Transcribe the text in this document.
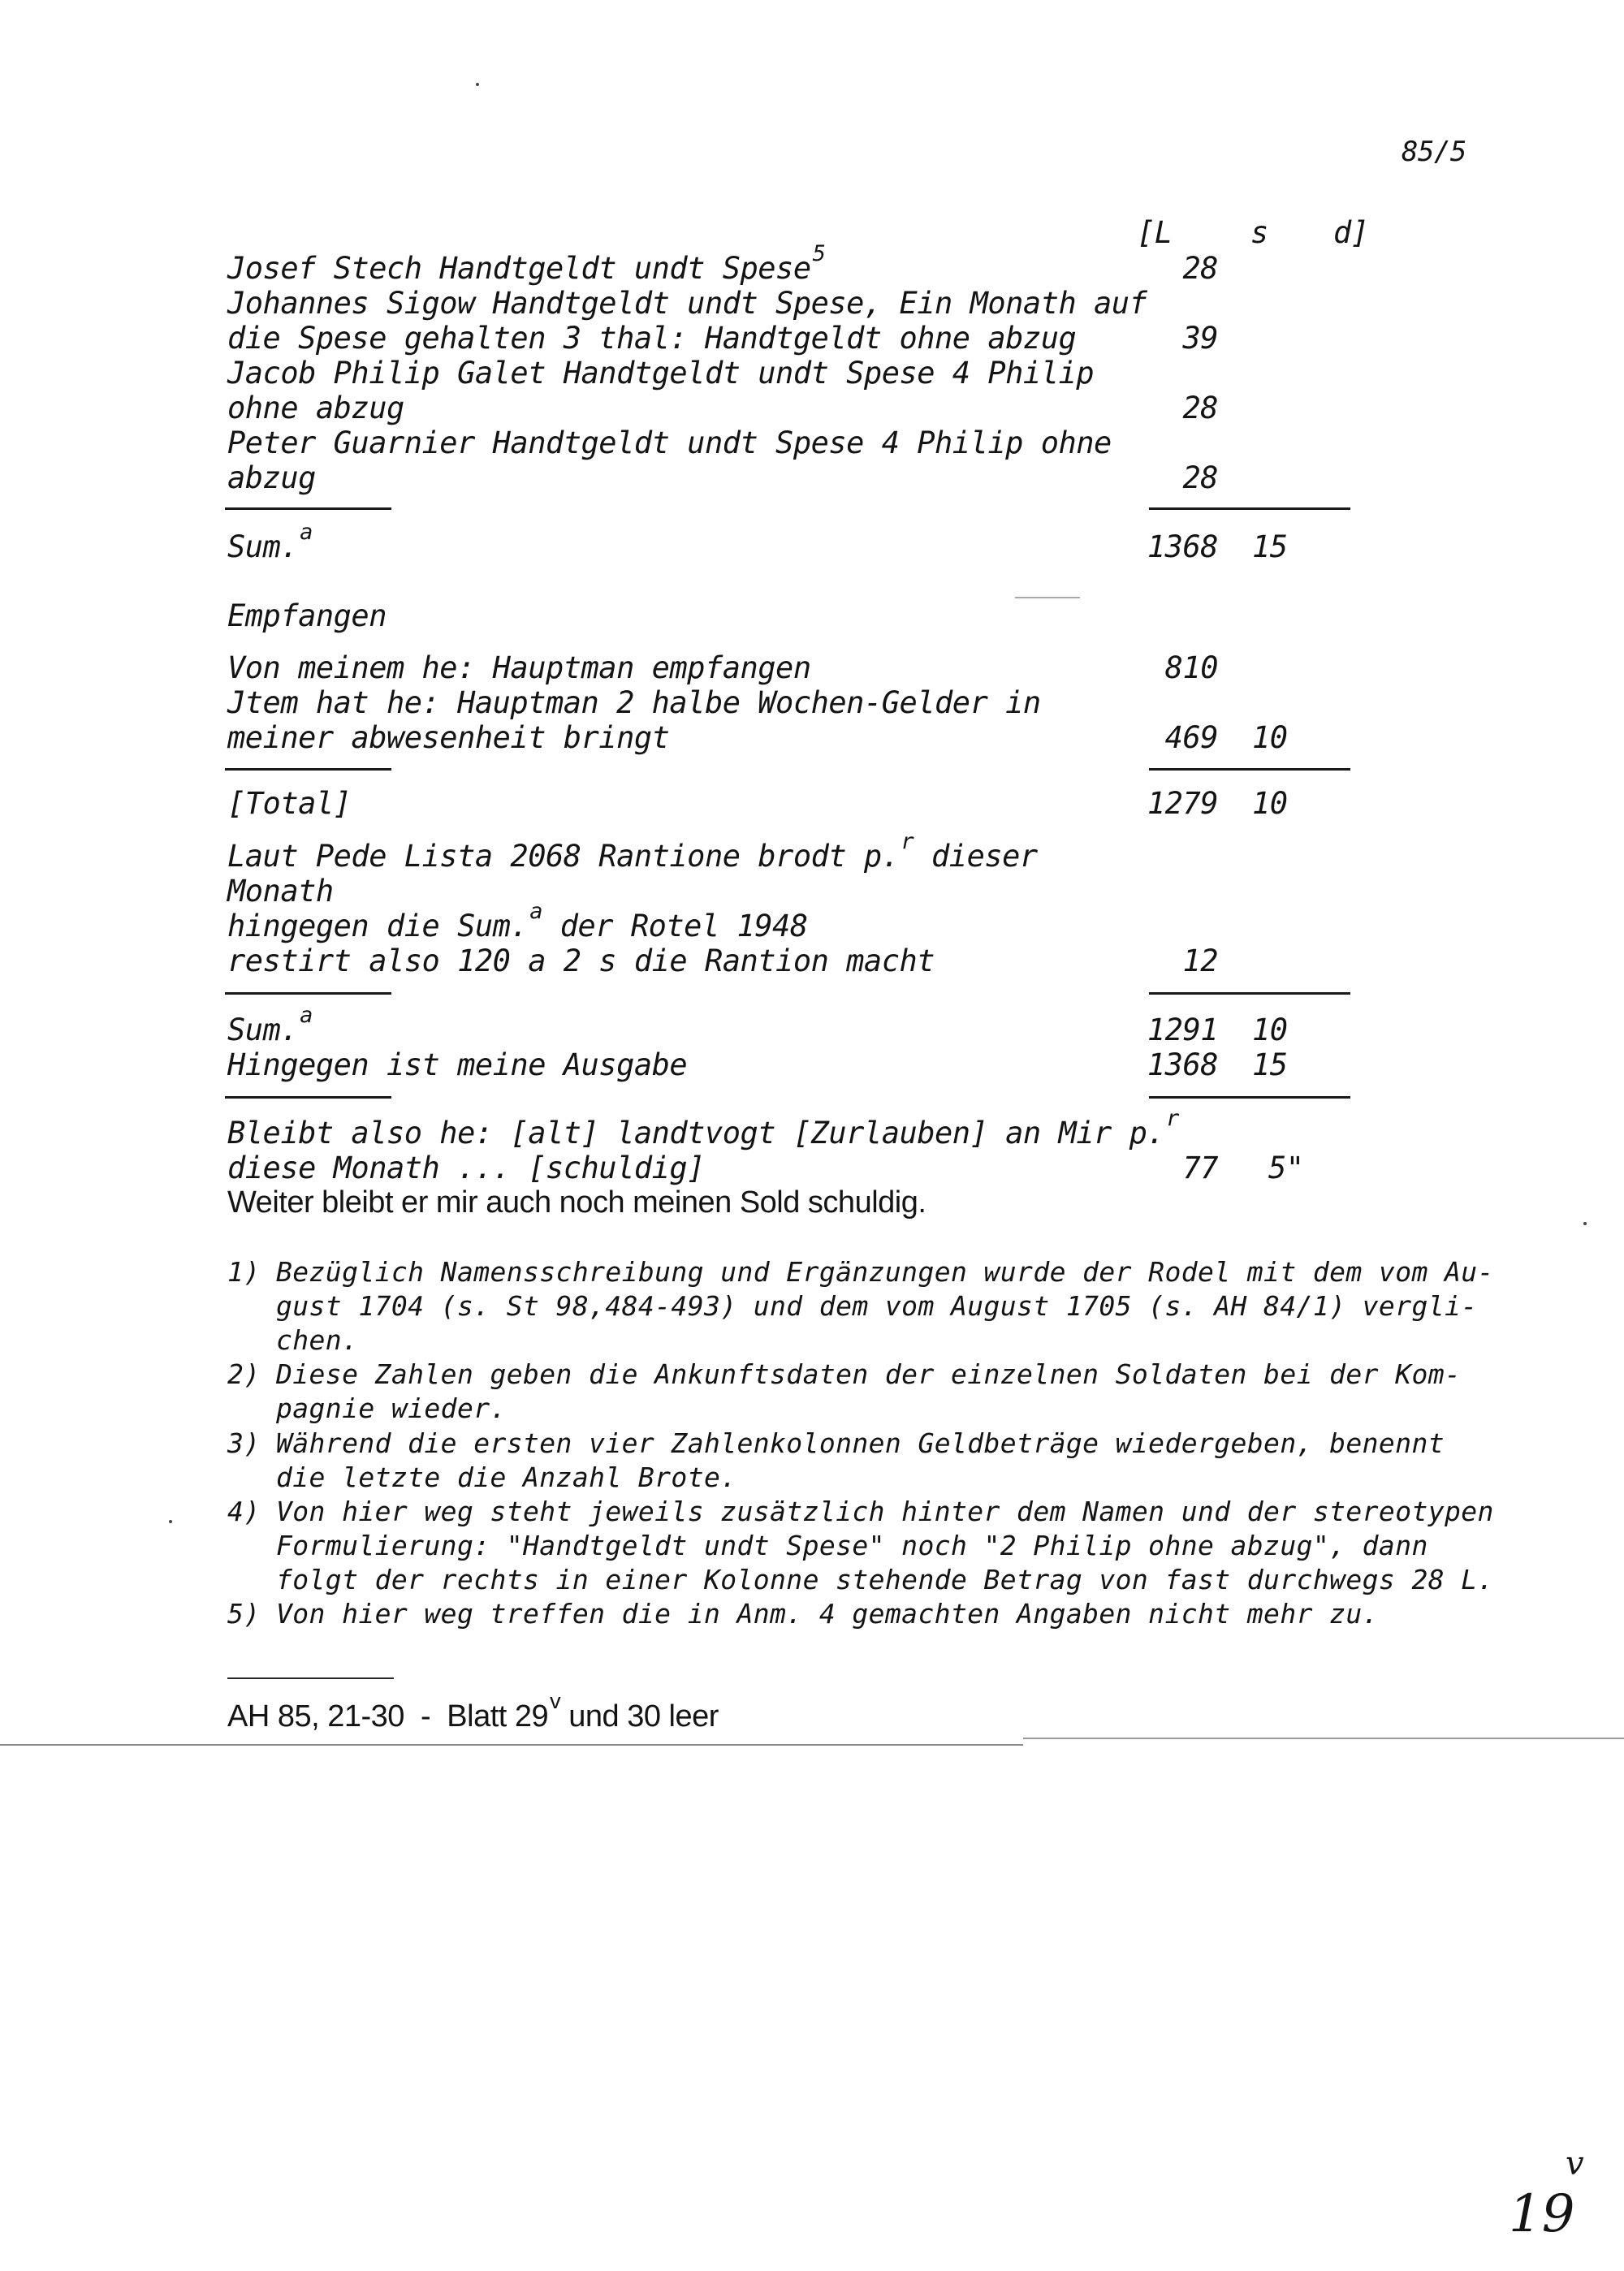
85/5
[L	s d]
Josef Stech Handtgeldt undt Spese$^5$	28
Johannes Sigow Handtgeldt undt Spese, Ein Monath auf
die Spese gehalten 3 thal: Handtgeldt ohne abzug	39
Jacob Philip Galet Handtgeldt undt Spese 4 Philip
ohne abzug	28
Peter Guarnier Handtgeldt undt Spese 4 Philip ohne
abzug	28
Sum.$^a$	1368 15
Empfangen
Von meinem he: Hauptman empfangen	810
Jtem hat he: Hauptman 2 halbe Wochen-Gelder in
meiner abwesenheit bringt	469 10
[Total]	1279 10
Laut Pede Lista 2068 Rantione brodt p.$^r$ dieser
Monath
hingegen die Sum.$^a$ der Rotel 1948
restirt also 120 a 2 s die Rantion macht	12
Sum.$^a$	1291 10
Hingegen ist meine Ausgabe	1368 15
Bleibt also he: [alt] landtvogt [Zurlauben] an Mir p.$^r$
diese Monath ... [schuldig]	77 5"
Weiter bleibt er mir auch noch meinen Sold schuldig.
1) Bezüglich Namensschreibung und Ergänzungen wurde der Rodel mit dem vom Au-
gust 1704 (s. St 98,484-493) und dem vom August 1705 (s. AH 84/1) vergli-
chen.
2) Diese Zahlen geben die Ankunftsdaten der einzelnen Soldaten bei der Kom-
pagnie wieder.
3) Während die ersten vier Zahlenkolonnen Geldbeträge wiedergeben, benennt
die letzte die Anzahl Brote.
4) Von hier weg steht jeweils zusätzlich hinter dem Namen und der stereotypen
Formulierung: "Handtgeldt undt Spese" noch "2 Philip ohne abzug", dann
folgt der rechts in einer Kolonne stehende Betrag von fast durchwegs 28 L.
5) Von hier weg treffen die in Anm. 4 gemachten Angaben nicht mehr zu.
AH 85, 21-30  -  Blatt 29$^v$ und 30 leer
v
19
